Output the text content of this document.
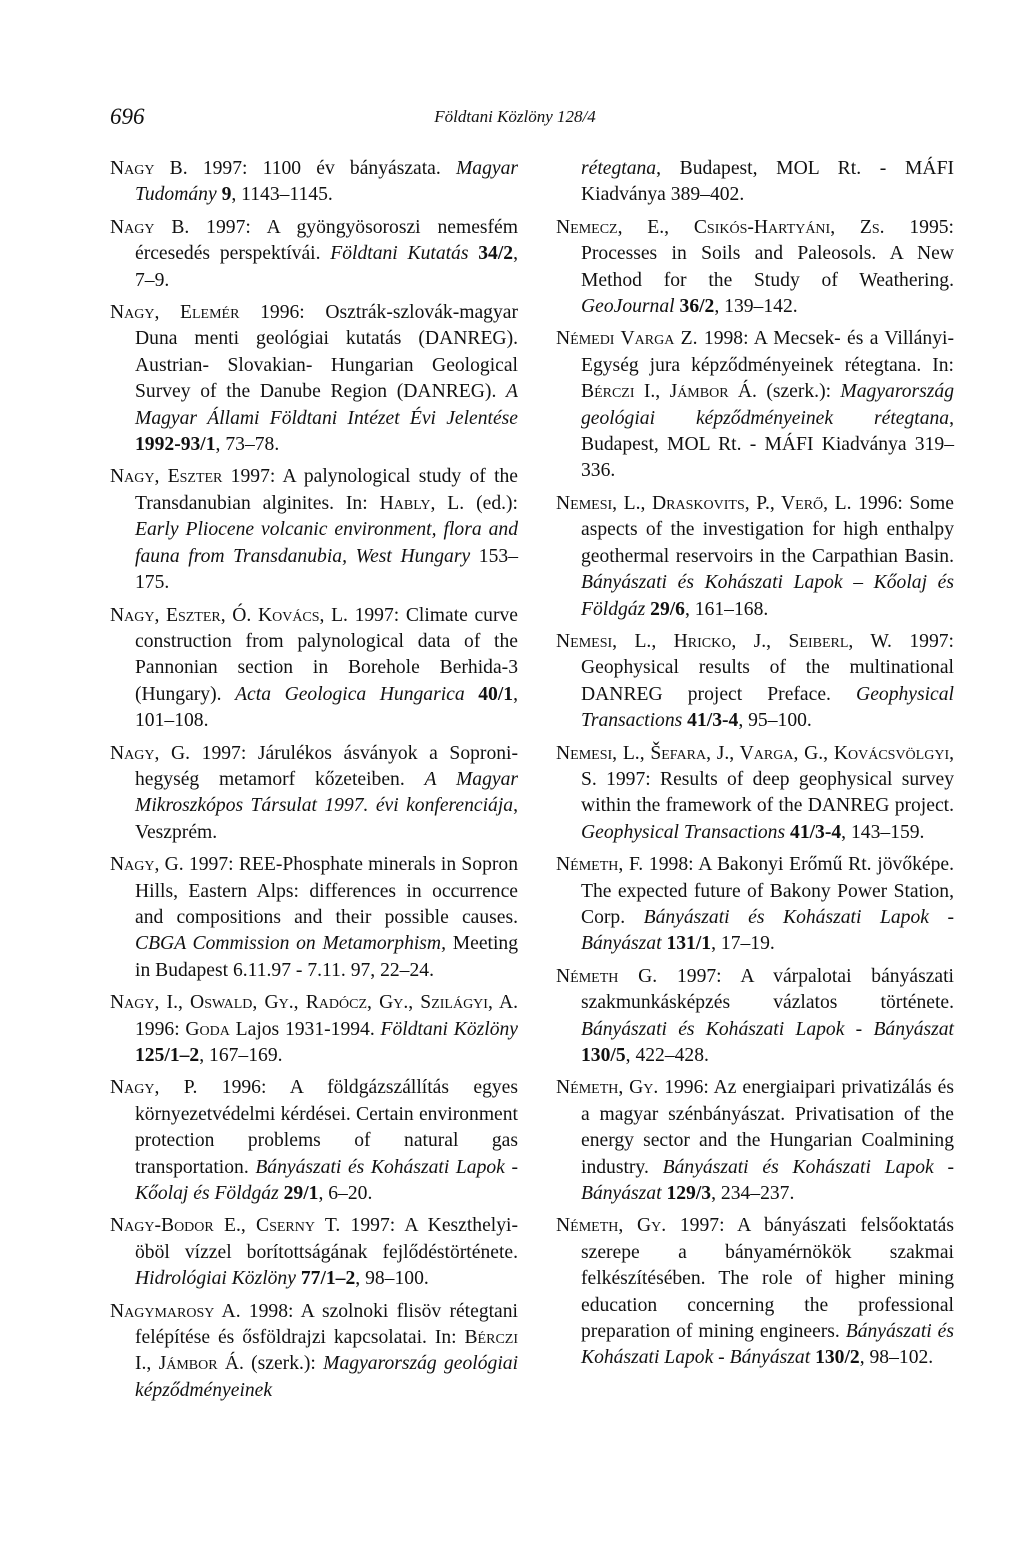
696	Földtani Közlöny 128/4

Nagy B. 1997: 1100 év bányászata. Magyar Tudomány 9, 1143–1145.

Nagy B. 1997: A gyöngyösoroszi nemesfém ércesedés perspektívái. Földtani Kutatás 34/2, 7–9.

Nagy, Elemér 1996: Osztrák-szlovák-magyar Duna menti geológiai kutatás (DANREG). Austrian- Slovakian- Hungarian Geological Survey of the Danube Region (DANREG). A Magyar Állami Földtani Intézet Évi Jelentése 1992-93/1, 73–78.

Nagy, Eszter 1997: A palynological study of the Transdanubian alginites. In: Hably, L. (ed.): Early Pliocene volcanic environment, flora and fauna from Transdanubia, West Hungary 153–175.

Nagy, Eszter, Ó. Kovács, L. 1997: Climate curve construction from palynological data of the Pannonian section in Borehole Berhida-3 (Hungary). Acta Geologica Hungarica 40/1, 101–108.

Nagy, G. 1997: Járulékos ásványok a Soproni-hegység metamorf kőzeteiben. A Magyar Mikroszkópos Társulat 1997. évi konferenciája, Veszprém.

Nagy, G. 1997: REE-Phosphate minerals in Sopron Hills, Eastern Alps: differences in occurrence and compositions and their possible causes. CBGA Commission on Metamorphism, Meeting in Budapest 6.11.97 - 7.11. 97, 22–24.

Nagy, I., Oswald, Gy., Radócz, Gy., Szilágyi, A. 1996: Goda Lajos 1931-1994. Földtani Közlöny 125/1–2, 167–169.

Nagy, P. 1996: A földgázszállítás egyes környezetvédelmi kérdései. Certain environment protection problems of natural gas transportation. Bányászati és Kohászati Lapok - Kőolaj és Földgáz 29/1, 6–20.

Nagy-Bodor E., Cserny T. 1997: A Keszthelyi-öböl vízzel borítottságának fejlődéstörténete. Hidrológiai Közlöny 77/1–2, 98–100.

Nagymarosy A. 1998: A szolnoki flisöv rétegtani felépítése és ősföldrajzi kapcsolatai. In: Bérczi I., Jámbor Á. (szerk.): Magyarország geológiai képződményeinek

rétegtana, Budapest, MOL Rt. - MÁFI Kiadványa 389–402.

Nemecz, E., Csikós-Hartyáni, Zs. 1995: Processes in Soils and Paleosols. A New Method for the Study of Weathering. GeoJournal 36/2, 139–142.

Némedi Varga Z. 1998: A Mecsek- és a Villányi-Egység jura képződményeinek rétegtana. In: Bérczi I., Jámbor Á. (szerk.): Magyarország geológiai képződményeinek rétegtana, Budapest, MOL Rt. - MÁFI Kiadványa 319–336.

Nemesi, L., Draskovits, P., Verő, L. 1996: Some aspects of the investigation for high enthalpy geothermal reservoirs in the Carpathian Basin. Bányászati és Kohászati Lapok – Kőolaj és Földgáz 29/6, 161–168.

Nemesi, L., Hricko, J., Seiberl, W. 1997: Geophysical results of the multinational DANREG project Preface. Geophysical Transactions 41/3-4, 95–100.

Nemesi, L., Šefara, J., Varga, G., Kovácsvölgyi, S. 1997: Results of deep geophysical survey within the framework of the DANREG project. Geophysical Transactions 41/3-4, 143–159.

Németh, F. 1998: A Bakonyi Erőmű Rt. jövőképe. The expected future of Bakony Power Station, Corp. Bányászati és Kohászati Lapok - Bányászat 131/1, 17–19.

Németh G. 1997: A várpalotai bányászati szakmunkásképzés vázlatos története. Bányászati és Kohászati Lapok - Bányászat 130/5, 422–428.

Németh, Gy. 1996: Az energiaipari privatizálás és a magyar szénbányászat. Privatisation of the energy sector and the Hungarian Coalmining industry. Bányászati és Kohászati Lapok - Bányászat 129/3, 234–237.

Németh, Gy. 1997: A bányászati felsőoktatás szerepe a bányamérnökök szakmai felkészítésében. The role of higher mining education concerning the professional preparation of mining engineers. Bányászati és Kohászati Lapok - Bányászat 130/2, 98–102.
